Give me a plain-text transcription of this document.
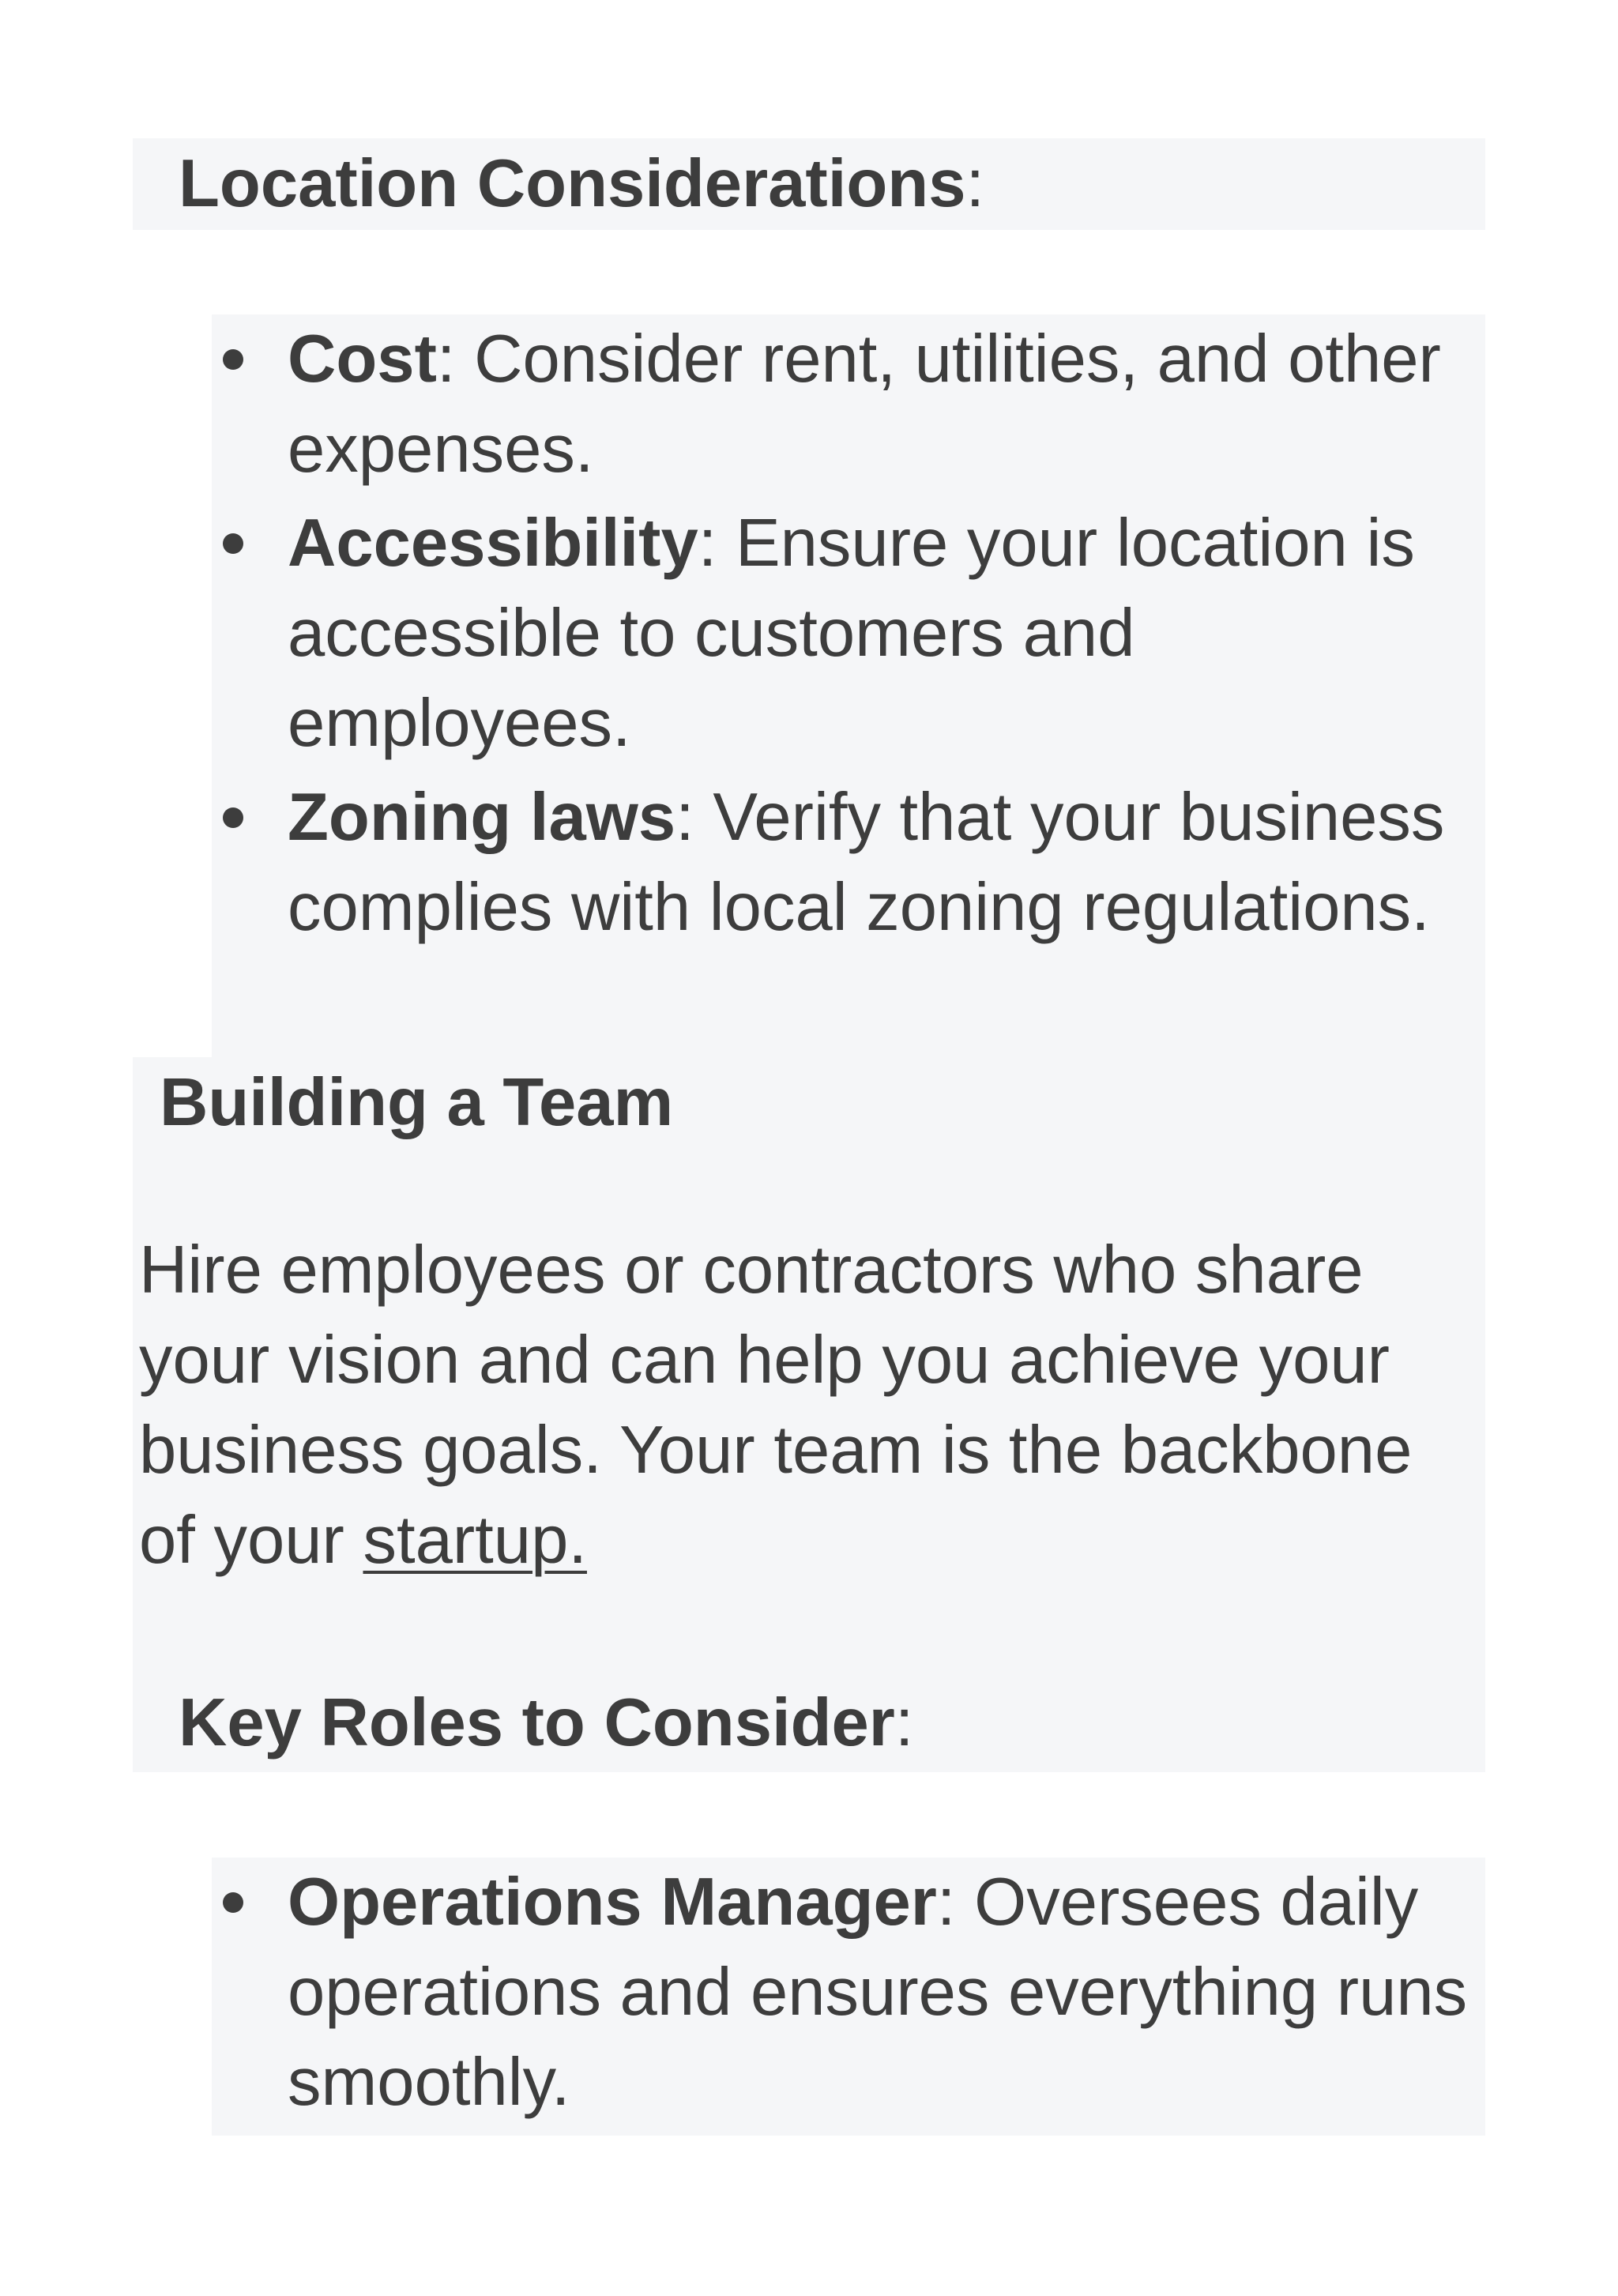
Location Considerations:

Cost: Consider rent, utilities, and other expenses.
Accessibility: Ensure your location is accessible to customers and employees.
Zoning laws: Verify that your business complies with local zoning regulations.

Building a Team

Hire employees or contractors who share your vision and can help you achieve your business goals. Your team is the backbone of your startup.

Key Roles to Consider:

Operations Manager: Oversees daily operations and ensures everything runs smoothly.
